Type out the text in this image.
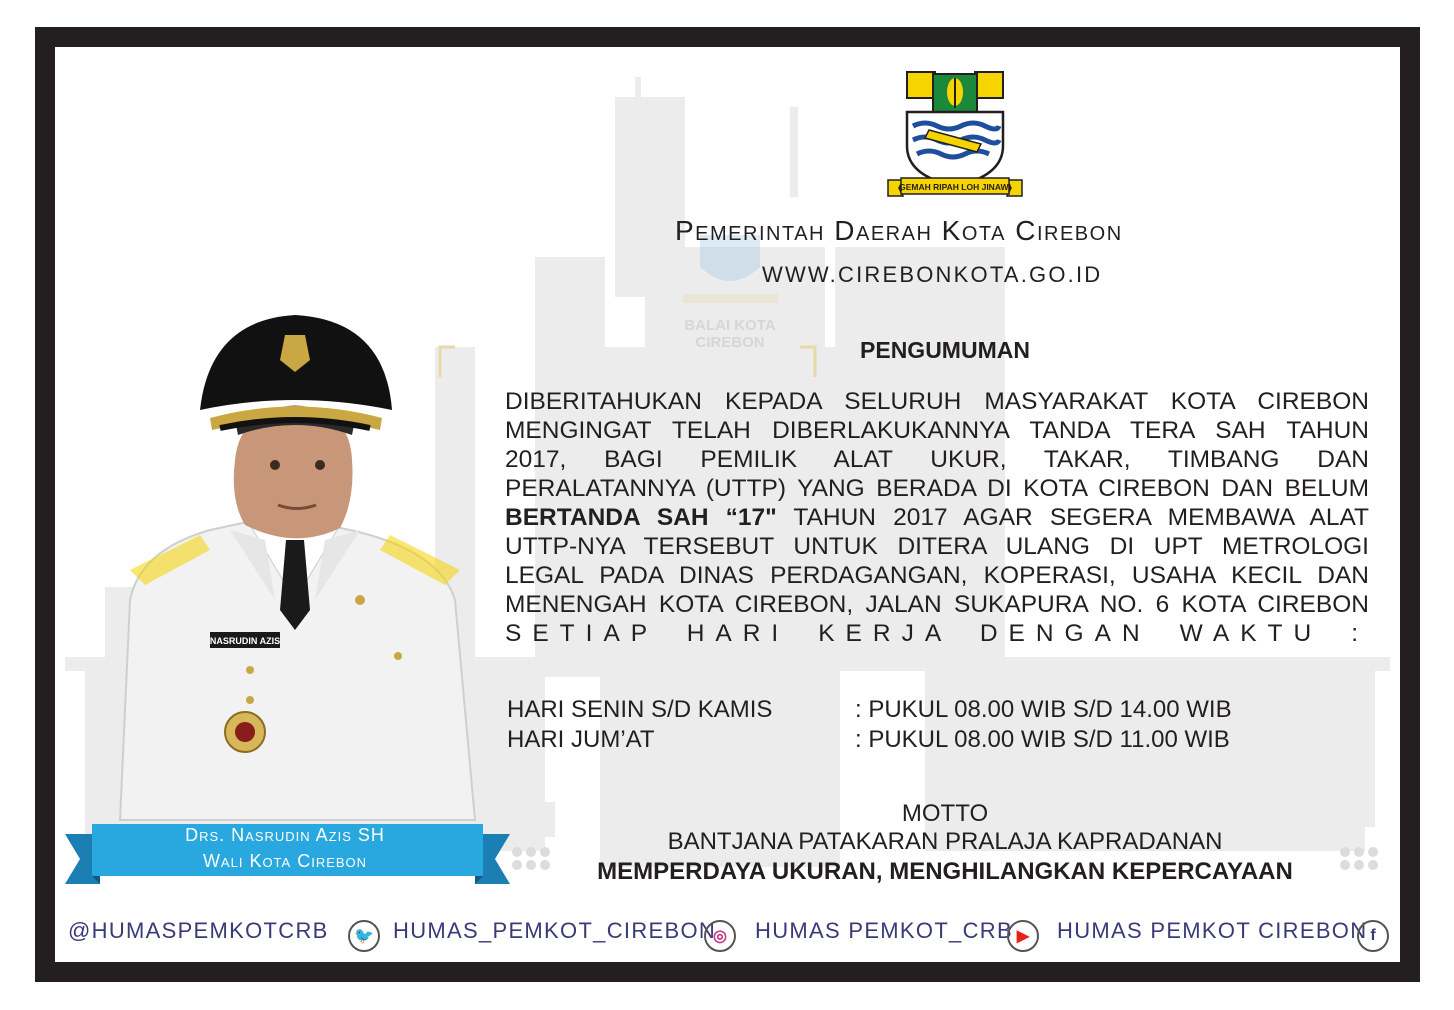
BALAI KOTA
CIREBON
GEMAH RIPAH LOH JINAWI
Pemerintah Daerah Kota Cirebon
WWW.CIREBONKOTA.GO.ID
PENGUMUMAN
DIBERITAHUKAN KEPADA SELURUH MASYARAKAT KOTA CIREBON
MENGINGAT TELAH DIBERLAKUKANNYA TANDA TERA SAH TAHUN
2017, BAGI PEMILIK ALAT UKUR, TAKAR, TIMBANG DAN
PERALATANNYA (UTTP) YANG BERADA DI KOTA CIREBON DAN BELUM
BERTANDA SAH “17" TAHUN 2017 AGAR SEGERA MEMBAWA ALAT
UTTP-NYA TERSEBUT UNTUK DITERA ULANG DI UPT METROLOGI
LEGAL PADA DINAS PERDAGANGAN, KOPERASI, USAHA KECIL DAN
MENENGAH KOTA CIREBON, JALAN SUKAPURA NO. 6 KOTA CIREBON
SETIAP HARI KERJA DENGAN WAKTU :
HARI SENIN S/D KAMIS	: PUKUL 08.00 WIB S/D 14.00 WIB
HARI JUM’AT	: PUKUL 08.00 WIB S/D 11.00 WIB
MOTTO
BANTJANA PATAKARAN PRALAJA KAPRADANAN
MEMPERDAYA UKURAN, MENGHILANGKAN KEPERCAYAAN
NASRUDIN AZIS
Drs. Nasrudin Azis SH
Wali Kota Cirebon
@HUMASPEMKOTCRB	🐦 HUMAS_PEMKOT_CIREBON
◎	HUMAS PEMKOT_CRB ▶	HUMAS PEMKOT CIREBON f
